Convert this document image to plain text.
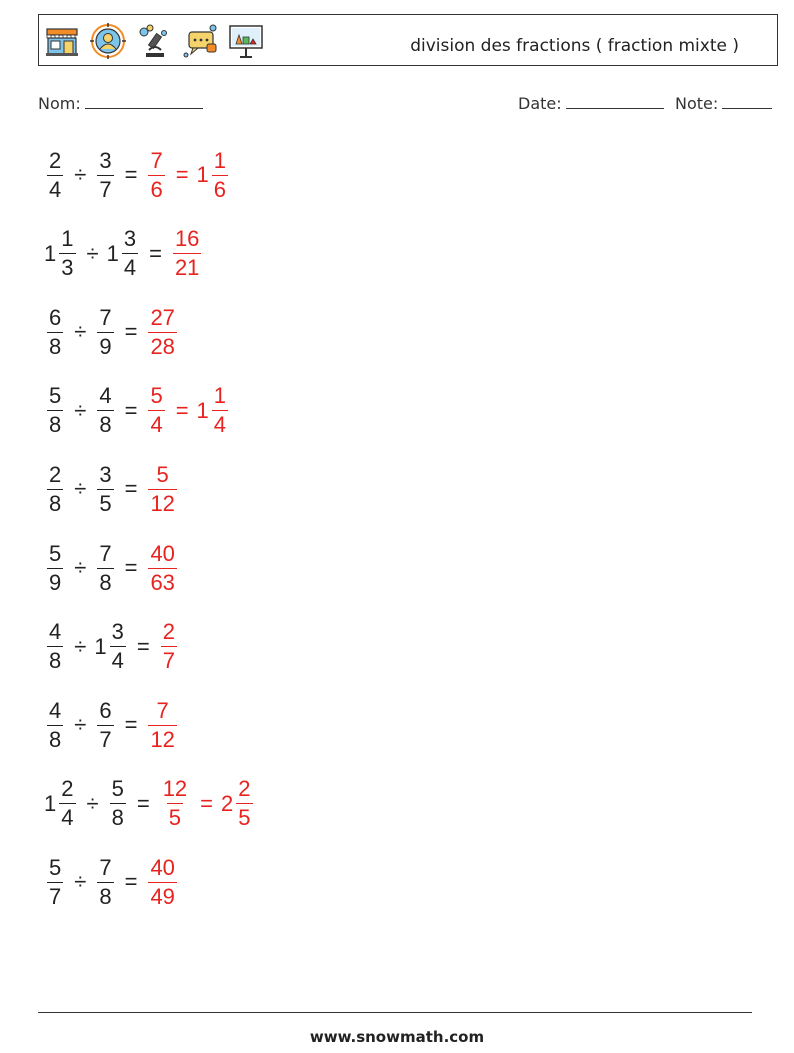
division des fractions ( fraction mixte )
Nom:	Date:	Note:
$\frac{2}{4} \div \frac{3}{7} = \frac{7}{6} = 1 \frac{1}{6}$
$1 \frac{1}{3} \div 1 \frac{3}{4} = \frac{16}{21}$
$\frac{6}{8} \div \frac{7}{9} = \frac{27}{28}$
$\frac{5}{8} \div \frac{4}{8} = \frac{5}{4} = 1 \frac{1}{4}$
$\frac{2}{8} \div \frac{3}{5} = \frac{5}{12}$
$\frac{5}{9} \div \frac{7}{8} = \frac{40}{63}$
$\frac{4}{8} \div 1 \frac{3}{4} = \frac{2}{7}$
$\frac{4}{8} \div \frac{6}{7} = \frac{7}{12}$
$1 \frac{2}{4} \div \frac{5}{8} = \frac{12}{5} = 2 \frac{2}{5}$
$\frac{5}{7} \div \frac{7}{8} = \frac{40}{49}$
www.snowmath.com
